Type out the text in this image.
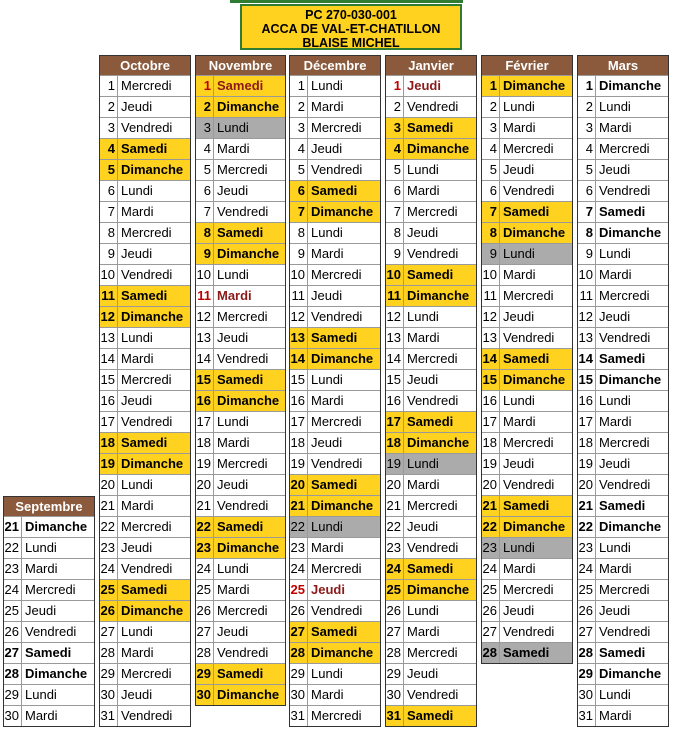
PC 270-030-001
ACCA DE VAL-ET-CHATILLON
BLAISE MICHEL
Septembre
21 Dimanche
22 Lundi
23 Mardi
24 Mercredi
25 Jeudi
26 Vendredi
27 Samedi
28 Dimanche
29 Lundi
30 Mardi
Octobre
1 Mercredi
2 Jeudi
3 Vendredi
4 Samedi
5 Dimanche
6 Lundi
7 Mardi
8 Mercredi
9 Jeudi
10 Vendredi
11 Samedi
12 Dimanche
13 Lundi
14 Mardi
15 Mercredi
16 Jeudi
17 Vendredi
18 Samedi
19 Dimanche
20 Lundi
21 Mardi
22 Mercredi
23 Jeudi
24 Vendredi
25 Samedi
26 Dimanche
27 Lundi
28 Mardi
29 Mercredi
30 Jeudi
31 Vendredi
Novembre
1 Samedi
2 Dimanche
3 Lundi
4 Mardi
5 Mercredi
6 Jeudi
7 Vendredi
8 Samedi
9 Dimanche
10 Lundi
11 Mardi
12 Mercredi
13 Jeudi
14 Vendredi
15 Samedi
16 Dimanche
17 Lundi
18 Mardi
19 Mercredi
20 Jeudi
21 Vendredi
22 Samedi
23 Dimanche
24 Lundi
25 Mardi
26 Mercredi
27 Jeudi
28 Vendredi
29 Samedi
30 Dimanche
Décembre
1 Lundi
2 Mardi
3 Mercredi
4 Jeudi
5 Vendredi
6 Samedi
7 Dimanche
8 Lundi
9 Mardi
10 Mercredi
11 Jeudi
12 Vendredi
13 Samedi
14 Dimanche
15 Lundi
16 Mardi
17 Mercredi
18 Jeudi
19 Vendredi
20 Samedi
21 Dimanche
22 Lundi
23 Mardi
24 Mercredi
25 Jeudi
26 Vendredi
27 Samedi
28 Dimanche
29 Lundi
30 Mardi
31 Mercredi
Janvier
1 Jeudi
2 Vendredi
3 Samedi
4 Dimanche
5 Lundi
6 Mardi
7 Mercredi
8 Jeudi
9 Vendredi
10 Samedi
11 Dimanche
12 Lundi
13 Mardi
14 Mercredi
15 Jeudi
16 Vendredi
17 Samedi
18 Dimanche
19 Lundi
20 Mardi
21 Mercredi
22 Jeudi
23 Vendredi
24 Samedi
25 Dimanche
26 Lundi
27 Mardi
28 Mercredi
29 Jeudi
30 Vendredi
31 Samedi
Février
1 Dimanche
2 Lundi
3 Mardi
4 Mercredi
5 Jeudi
6 Vendredi
7 Samedi
8 Dimanche
9 Lundi
10 Mardi
11 Mercredi
12 Jeudi
13 Vendredi
14 Samedi
15 Dimanche
16 Lundi
17 Mardi
18 Mercredi
19 Jeudi
20 Vendredi
21 Samedi
22 Dimanche
23 Lundi
24 Mardi
25 Mercredi
26 Jeudi
27 Vendredi
28 Samedi
Mars
1 Dimanche
2 Lundi
3 Mardi
4 Mercredi
5 Jeudi
6 Vendredi
7 Samedi
8 Dimanche
9 Lundi
10 Mardi
11 Mercredi
12 Jeudi
13 Vendredi
14 Samedi
15 Dimanche
16 Lundi
17 Mardi
18 Mercredi
19 Jeudi
20 Vendredi
21 Samedi
22 Dimanche
23 Lundi
24 Mardi
25 Mercredi
26 Jeudi
27 Vendredi
28 Samedi
29 Dimanche
30 Lundi
31 Mardi
